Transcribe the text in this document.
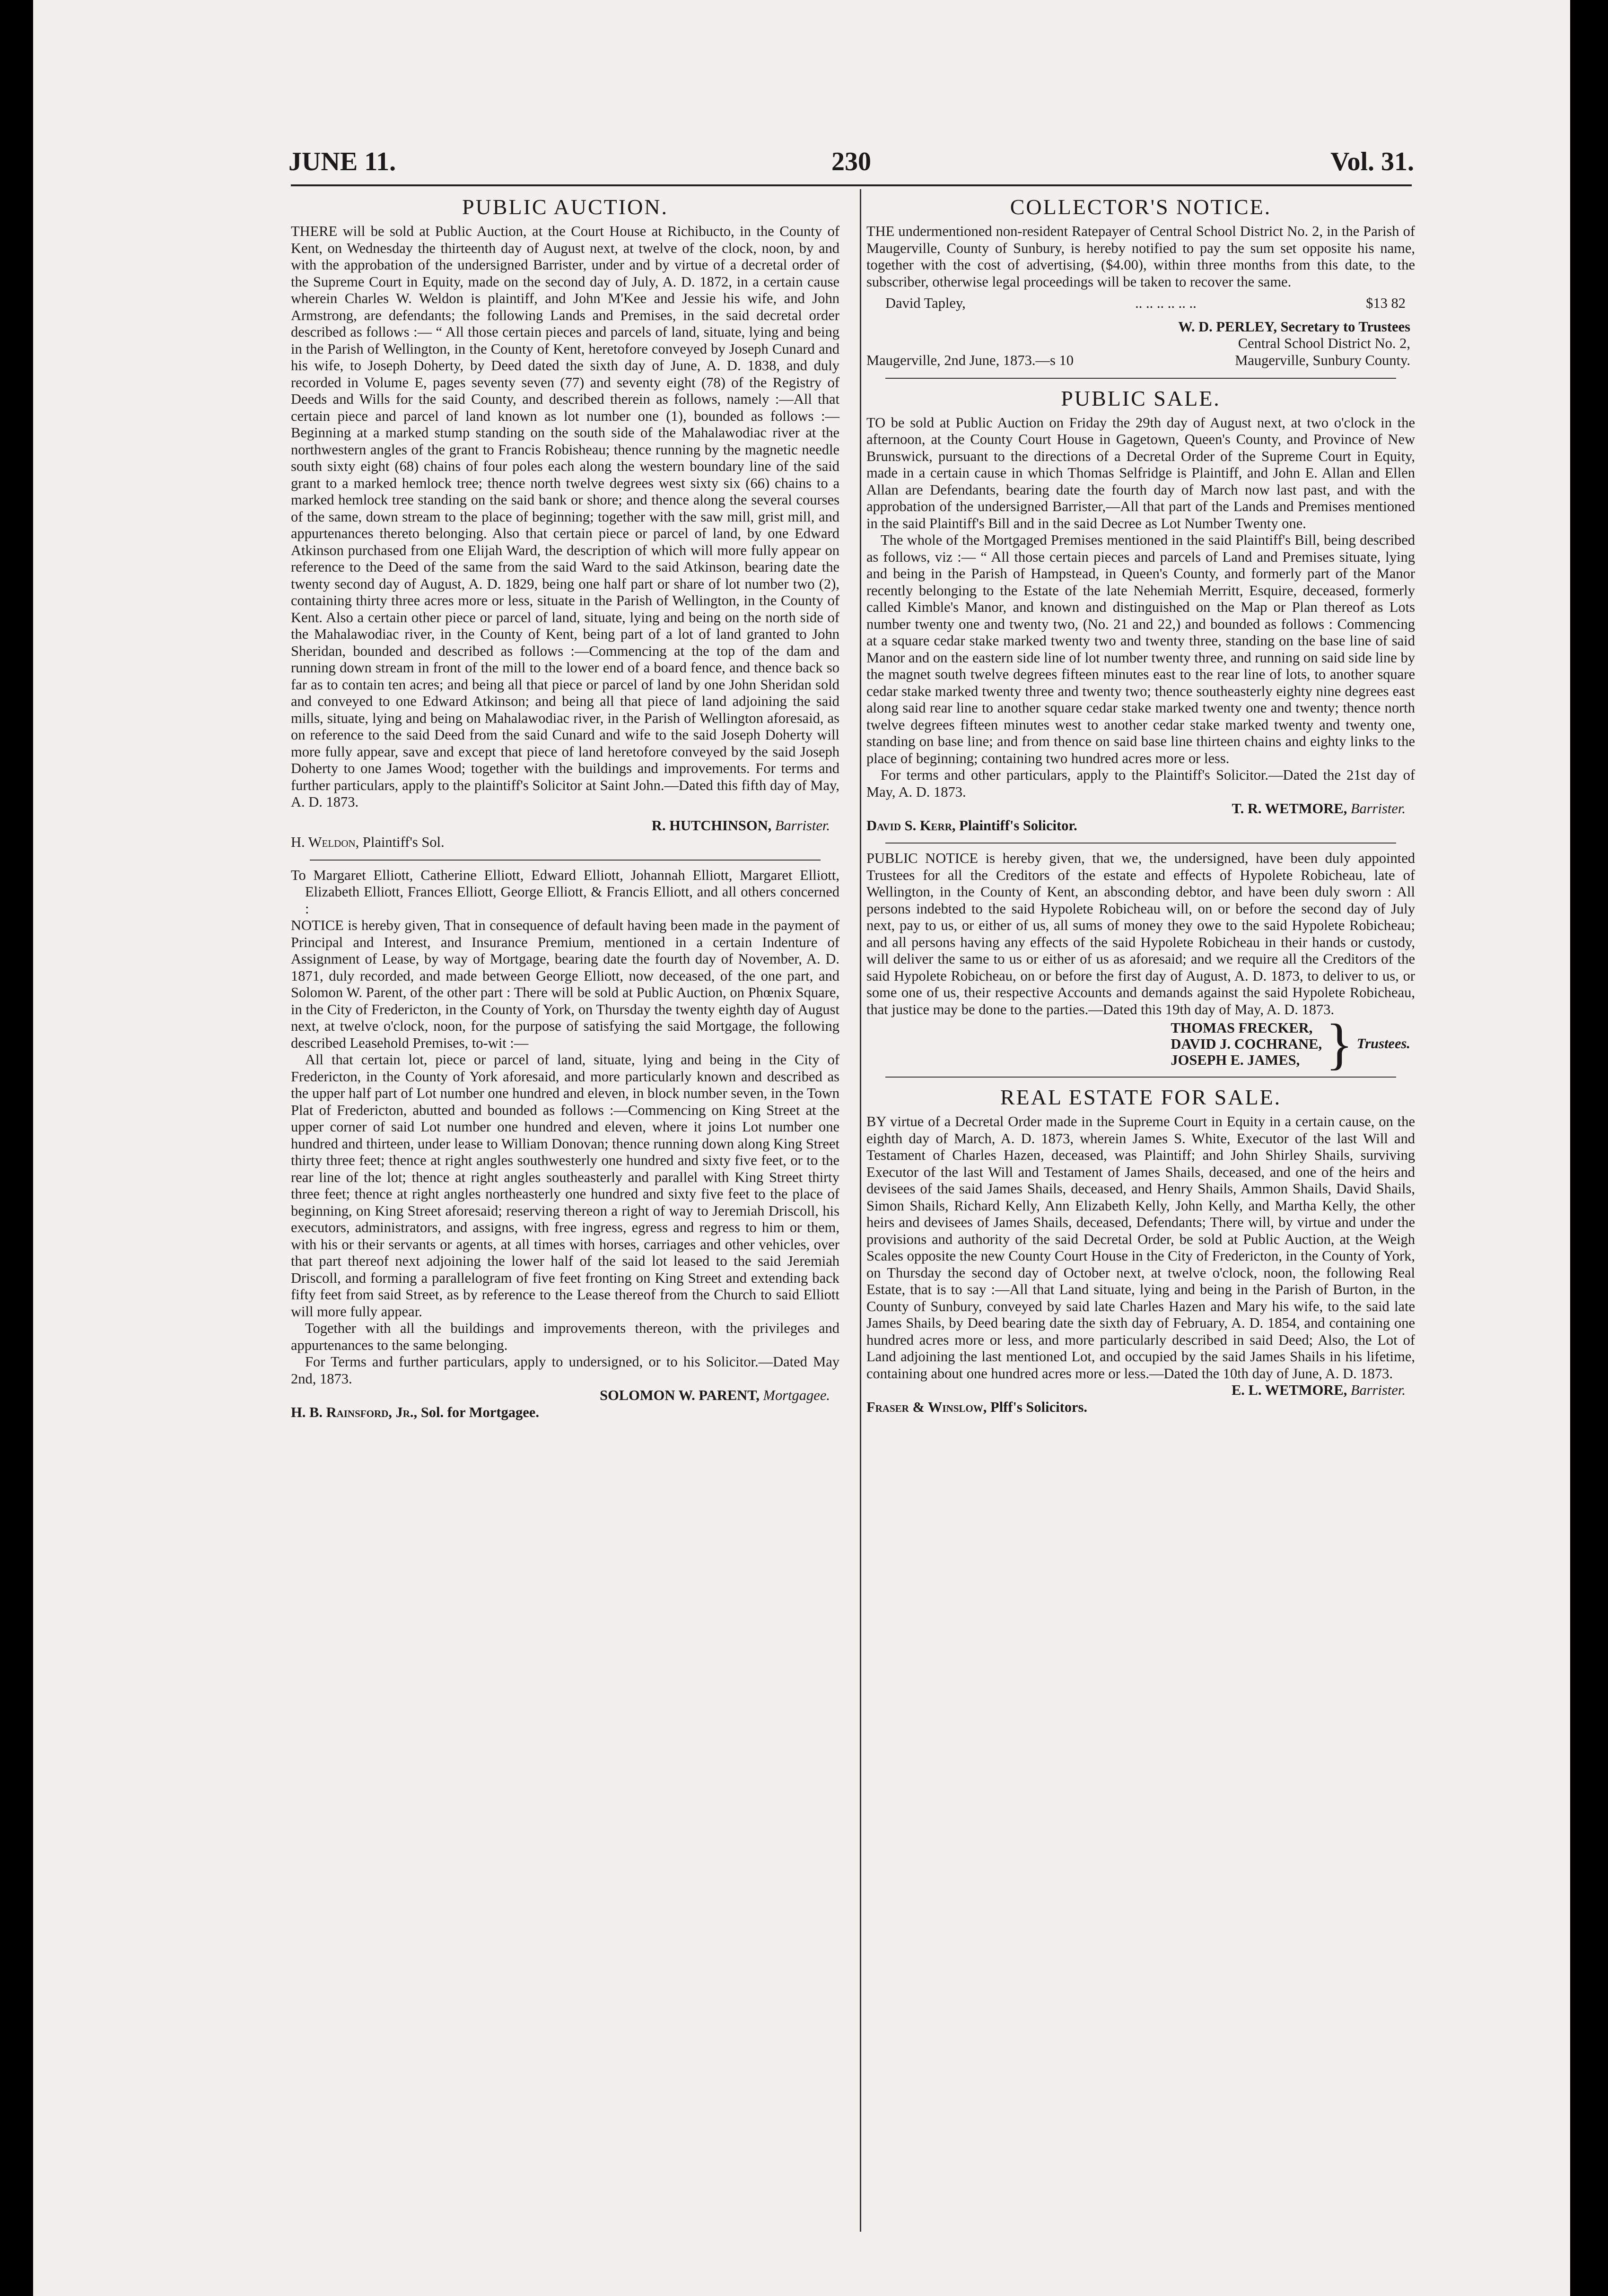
JUNE 11.	230	Vol. 31.
PUBLIC AUCTION.

THERE will be sold at Public Auction, at the Court House at Richibucto, in the County of Kent, on Wednesday the thirteenth day of August next, at twelve of the clock, noon, by and with the approbation of the undersigned Barrister, under and by virtue of a decretal order of the Supreme Court in Equity, made on the second day of July, A. D. 1872, in a certain cause wherein Charles W. Weldon is plaintiff, and John M'Kee and Jessie his wife, and John Armstrong, are defendants; the following Lands and Premises, in the said decretal order described as follows :— “ All those certain pieces and parcels of land, situate, lying and being in the Parish of Wellington, in the County of Kent, heretofore conveyed by Joseph Cunard and his wife, to Joseph Doherty, by Deed dated the sixth day of June, A. D. 1838, and duly recorded in Volume E, pages seventy seven (77) and seventy eight (78) of the Registry of Deeds and Wills for the said County, and described therein as follows, namely :—All that certain piece and parcel of land known as lot number one (1), bounded as follows :—Beginning at a marked stump standing on the south side of the Mahalawodiac river at the northwestern angles of the grant to Francis Robisheau; thence running by the magnetic needle south sixty eight (68) chains of four poles each along the western boundary line of the said grant to a marked hemlock tree; thence north twelve degrees west sixty six (66) chains to a marked hemlock tree standing on the said bank or shore; and thence along the several courses of the same, down stream to the place of beginning; together with the saw mill, grist mill, and appurtenances thereto belonging. Also that certain piece or parcel of land, by one Edward Atkinson purchased from one Elijah Ward, the description of which will more fully appear on reference to the Deed of the same from the said Ward to the said Atkinson, bearing date the twenty second day of August, A. D. 1829, being one half part or share of lot number two (2), containing thirty three acres more or less, situate in the Parish of Wellington, in the County of Kent. Also a certain other piece or parcel of land, situate, lying and being on the north side of the Mahalawodiac river, in the County of Kent, being part of a lot of land granted to John Sheridan, bounded and described as follows :—Commencing at the top of the dam and running down stream in front of the mill to the lower end of a board fence, and thence back so far as to contain ten acres; and being all that piece or parcel of land by one John Sheridan sold and conveyed to one Edward Atkinson; and being all that piece of land adjoining the said mills, situate, lying and being on Mahalawodiac river, in the Parish of Wellington aforesaid, as on reference to the said Deed from the said Cunard and wife to the said Joseph Doherty will more fully appear, save and except that piece of land heretofore conveyed by the said Joseph Doherty to one James Wood; together with the buildings and improvements. For terms and further particulars, apply to the plaintiff's Solicitor at Saint John.—Dated this fifth day of May, A. D. 1873.

R. HUTCHINSON, Barrister.

H. Weldon, Plaintiff's Sol.

To Margaret Elliott, Catherine Elliott, Edward Elliott, Johannah Elliott, Margaret Elliott, Elizabeth Elliott, Frances Elliott, George Elliott, & Francis Elliott, and all others concerned :

NOTICE is hereby given, That in consequence of default having been made in the payment of Principal and Interest, and Insurance Premium, mentioned in a certain Indenture of Assignment of Lease, by way of Mortgage, bearing date the fourth day of November, A. D. 1871, duly recorded, and made between George Elliott, now deceased, of the one part, and Solomon W. Parent, of the other part : There will be sold at Public Auction, on Phœnix Square, in the City of Fredericton, in the County of York, on Thursday the twenty eighth day of August next, at twelve o'clock, noon, for the purpose of satisfying the said Mortgage, the following described Leasehold Premises, to-wit :—

All that certain lot, piece or parcel of land, situate, lying and being in the City of Fredericton, in the County of York aforesaid, and more particularly known and described as the upper half part of Lot number one hundred and eleven, in block number seven, in the Town Plat of Fredericton, abutted and bounded as follows :—Commencing on King Street at the upper corner of said Lot number one hundred and eleven, where it joins Lot number one hundred and thirteen, under lease to William Donovan; thence running down along King Street thirty three feet; thence at right angles southwesterly one hundred and sixty five feet, or to the rear line of the lot; thence at right angles southeasterly and parallel with King Street thirty three feet; thence at right angles northeasterly one hundred and sixty five feet to the place of beginning, on King Street aforesaid; reserving thereon a right of way to Jeremiah Driscoll, his executors, administrators, and assigns, with free ingress, egress and regress to him or them, with his or their servants or agents, at all times with horses, carriages and other vehicles, over that part thereof next adjoining the lower half of the said lot leased to the said Jeremiah Driscoll, and forming a parallelogram of five feet fronting on King Street and extending back fifty feet from said Street, as by reference to the Lease thereof from the Church to said Elliott will more fully appear.

Together with all the buildings and improvements thereon, with the privileges and appurtenances to the same belonging.

For Terms and further particulars, apply to undersigned, or to his Solicitor.—Dated May 2nd, 1873.

SOLOMON W. PARENT, Mortgagee.

H. B. Rainsford, Jr., Sol. for Mortgagee.

COLLECTOR'S NOTICE.

THE undermentioned non-resident Ratepayer of Central School District No. 2, in the Parish of Maugerville, County of Sunbury, is hereby notified to pay the sum set opposite his name, together with the cost of advertising, ($4.00), within three months from this date, to the subscriber, otherwise legal proceedings will be taken to recover the same.

David Tapley,	.. .. .. .. .. ..	$13 82
W. D. PERLEY, Secretary to Trustees
Central School District No. 2,
Maugerville, Sunbury County.

Maugerville, 2nd June, 1873.—s 10

PUBLIC SALE.

TO be sold at Public Auction on Friday the 29th day of August next, at two o'clock in the afternoon, at the County Court House in Gagetown, Queen's County, and Province of New Brunswick, pursuant to the directions of a Decretal Order of the Supreme Court in Equity, made in a certain cause in which Thomas Selfridge is Plaintiff, and John E. Allan and Ellen Allan are Defendants, bearing date the fourth day of March now last past, and with the approbation of the undersigned Barrister,—All that part of the Lands and Premises mentioned in the said Plaintiff's Bill and in the said Decree as Lot Number Twenty one.

The whole of the Mortgaged Premises mentioned in the said Plaintiff's Bill, being described as follows, viz :— “ All those certain pieces and parcels of Land and Premises situate, lying and being in the Parish of Hampstead, in Queen's County, and formerly part of the Manor recently belonging to the Estate of the late Nehemiah Merritt, Esquire, deceased, formerly called Kimble's Manor, and known and distinguished on the Map or Plan thereof as Lots number twenty one and twenty two, (No. 21 and 22,) and bounded as follows : Commencing at a square cedar stake marked twenty two and twenty three, standing on the base line of said Manor and on the eastern side line of lot number twenty three, and running on said side line by the magnet south twelve degrees fifteen minutes east to the rear line of lots, to another square cedar stake marked twenty three and twenty two; thence southeasterly eighty nine degrees east along said rear line to another square cedar stake marked twenty one and twenty; thence north twelve degrees fifteen minutes west to another cedar stake marked twenty and twenty one, standing on base line; and from thence on said base line thirteen chains and eighty links to the place of beginning; containing two hundred acres more or less.

For terms and other particulars, apply to the Plaintiff's Solicitor.—Dated the 21st day of May, A. D. 1873.

T. R. WETMORE, Barrister.

David S. Kerr, Plaintiff's Solicitor.

PUBLIC NOTICE is hereby given, that we, the undersigned, have been duly appointed Trustees for all the Creditors of the estate and effects of Hypolete Robicheau, late of Wellington, in the County of Kent, an absconding debtor, and have been duly sworn : All persons indebted to the said Hypolete Robicheau will, on or before the second day of July next, pay to us, or either of us, all sums of money they owe to the said Hypolete Robicheau; and all persons having any effects of the said Hypolete Robicheau in their hands or custody, will deliver the same to us or either of us as aforesaid; and we require all the Creditors of the said Hypolete Robicheau, on or before the first day of August, A. D. 1873, to deliver to us, or some one of us, their respective Accounts and demands against the said Hypolete Robicheau, that justice may be done to the parties.—Dated this 19th day of May, A. D. 1873.

THOMAS FRECKER,
DAVID J. COCHRANE,
JOSEPH E. JAMES, } Trustees.
REAL ESTATE FOR SALE.

BY virtue of a Decretal Order made in the Supreme Court in Equity in a certain cause, on the eighth day of March, A. D. 1873, wherein James S. White, Executor of the last Will and Testament of Charles Hazen, deceased, was Plaintiff; and John Shirley Shails, surviving Executor of the last Will and Testament of James Shails, deceased, and one of the heirs and devisees of the said James Shails, deceased, and Henry Shails, Ammon Shails, David Shails, Simon Shails, Richard Kelly, Ann Elizabeth Kelly, John Kelly, and Martha Kelly, the other heirs and devisees of James Shails, deceased, Defendants; There will, by virtue and under the provisions and authority of the said Decretal Order, be sold at Public Auction, at the Weigh Scales opposite the new County Court House in the City of Fredericton, in the County of York, on Thursday the second day of October next, at twelve o'clock, noon, the following Real Estate, that is to say :—All that Land situate, lying and being in the Parish of Burton, in the County of Sunbury, conveyed by said late Charles Hazen and Mary his wife, to the said late James Shails, by Deed bearing date the sixth day of February, A. D. 1854, and containing one hundred acres more or less, and more particularly described in said Deed; Also, the Lot of Land adjoining the last mentioned Lot, and occupied by the said James Shails in his lifetime, containing about one hundred acres more or less.—Dated the 10th day of June, A. D. 1873.

E. L. WETMORE, Barrister.

Fraser & Winslow, Plff's Solicitors.
